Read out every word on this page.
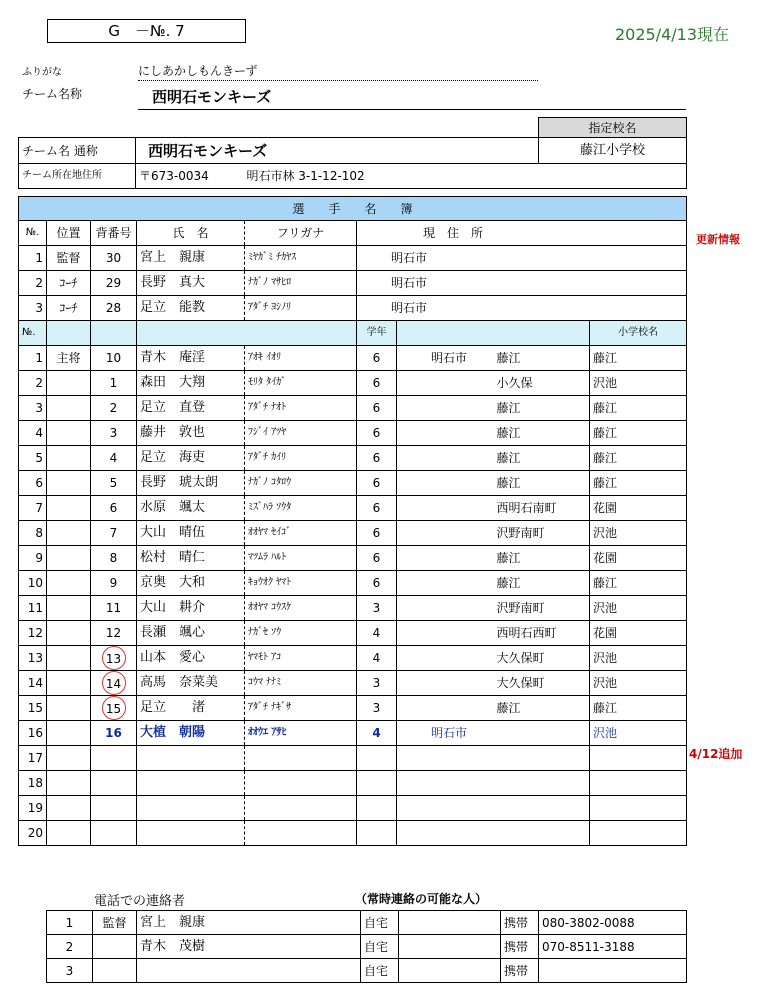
G　－№. 7	2025/4/13現在
ふりがな	にしあかしもんきーず
チーム名称	西明石モンキーズ
		指定校名
チーム名 通称	西明石モンキーズ	藤江小学校
チーム所在地住所	〒673-0034 明石市林 3-1-12-102	
選　　手　　名　　簿								
№.	位置	背番号	氏　名	フリガナ	現　住　所			
1	監督	30	宮上　親康	ﾐﾔｶﾞﾐ ﾁｶﾔｽ	明石市			
2	ｺｰﾁ	29	長野　真大	ﾅｶﾞﾉ ﾏｻﾋﾛ	明石市			
3	ｺｰﾁ	28	足立　能教	ｱﾀﾞﾁ ﾖｼﾉﾘ	明石市			
№.					学年			小学校名
1	主将	10	青木　庵淫	ｱｵｷ ｲｵﾘ	6	明石市	藤江	藤江
2		1	森田　大翔	ﾓﾘﾀ ﾀｲｶﾞ	6		小久保	沢池
3		2	足立　直登	ｱﾀﾞﾁ ﾅｵﾄ	6		藤江	藤江
4		3	藤井　敦也	ﾌｼﾞｲ ｱﾂﾔ	6		藤江	藤江
5		4	足立　海吏	ｱﾀﾞﾁ ｶｲﾘ	6		藤江	藤江
6		5	長野　琥太朗	ﾅｶﾞﾉ ｺﾀﾛｳ	6		藤江	藤江
7		6	水原　颯太	ﾐｽﾞﾊﾗ ｿｳﾀ	6		西明石南町	花園
8		7	大山　晴伍	ｵｵﾔﾏ ｾｲｺﾞ	6		沢野南町	沢池
9		8	松村　晴仁	ﾏﾂﾑﾗ ﾊﾙﾄ	6		藤江	花園
10		9	京奥　大和	ｷｮｳｵｸ ﾔﾏﾄ	6		藤江	藤江
11		11	大山　耕介	ｵｵﾔﾏ ｺｳｽｹ	3		沢野南町	沢池
12		12	長瀬　颯心	ﾅｶﾞｾ ｿｳ	4		西明石西町	花園
13		13	山本　愛心	ﾔﾏﾓﾄ ｱｺ	4		大久保町	沢池
14		14	高馬　奈菜美	ｺｳﾏ ﾅﾅﾐ	3		大久保町	沢池
15		15	足立　　渚	ｱﾀﾞﾁ ﾅｷﾞｻ	3		藤江	藤江
16		16	大植　朝陽	ｵｵｳｴ ｱｻﾋ	4	明石市		沢池
17								
18								
19								
20								
更新情報
4/12追加
電話での連絡者	（常時連絡の可能な人）
1	監督	宮上　親康	自宅		携帯	080-3802-0088
2		青木　茂樹	自宅		携帯	070-8511-3188
3			自宅		携帯	
